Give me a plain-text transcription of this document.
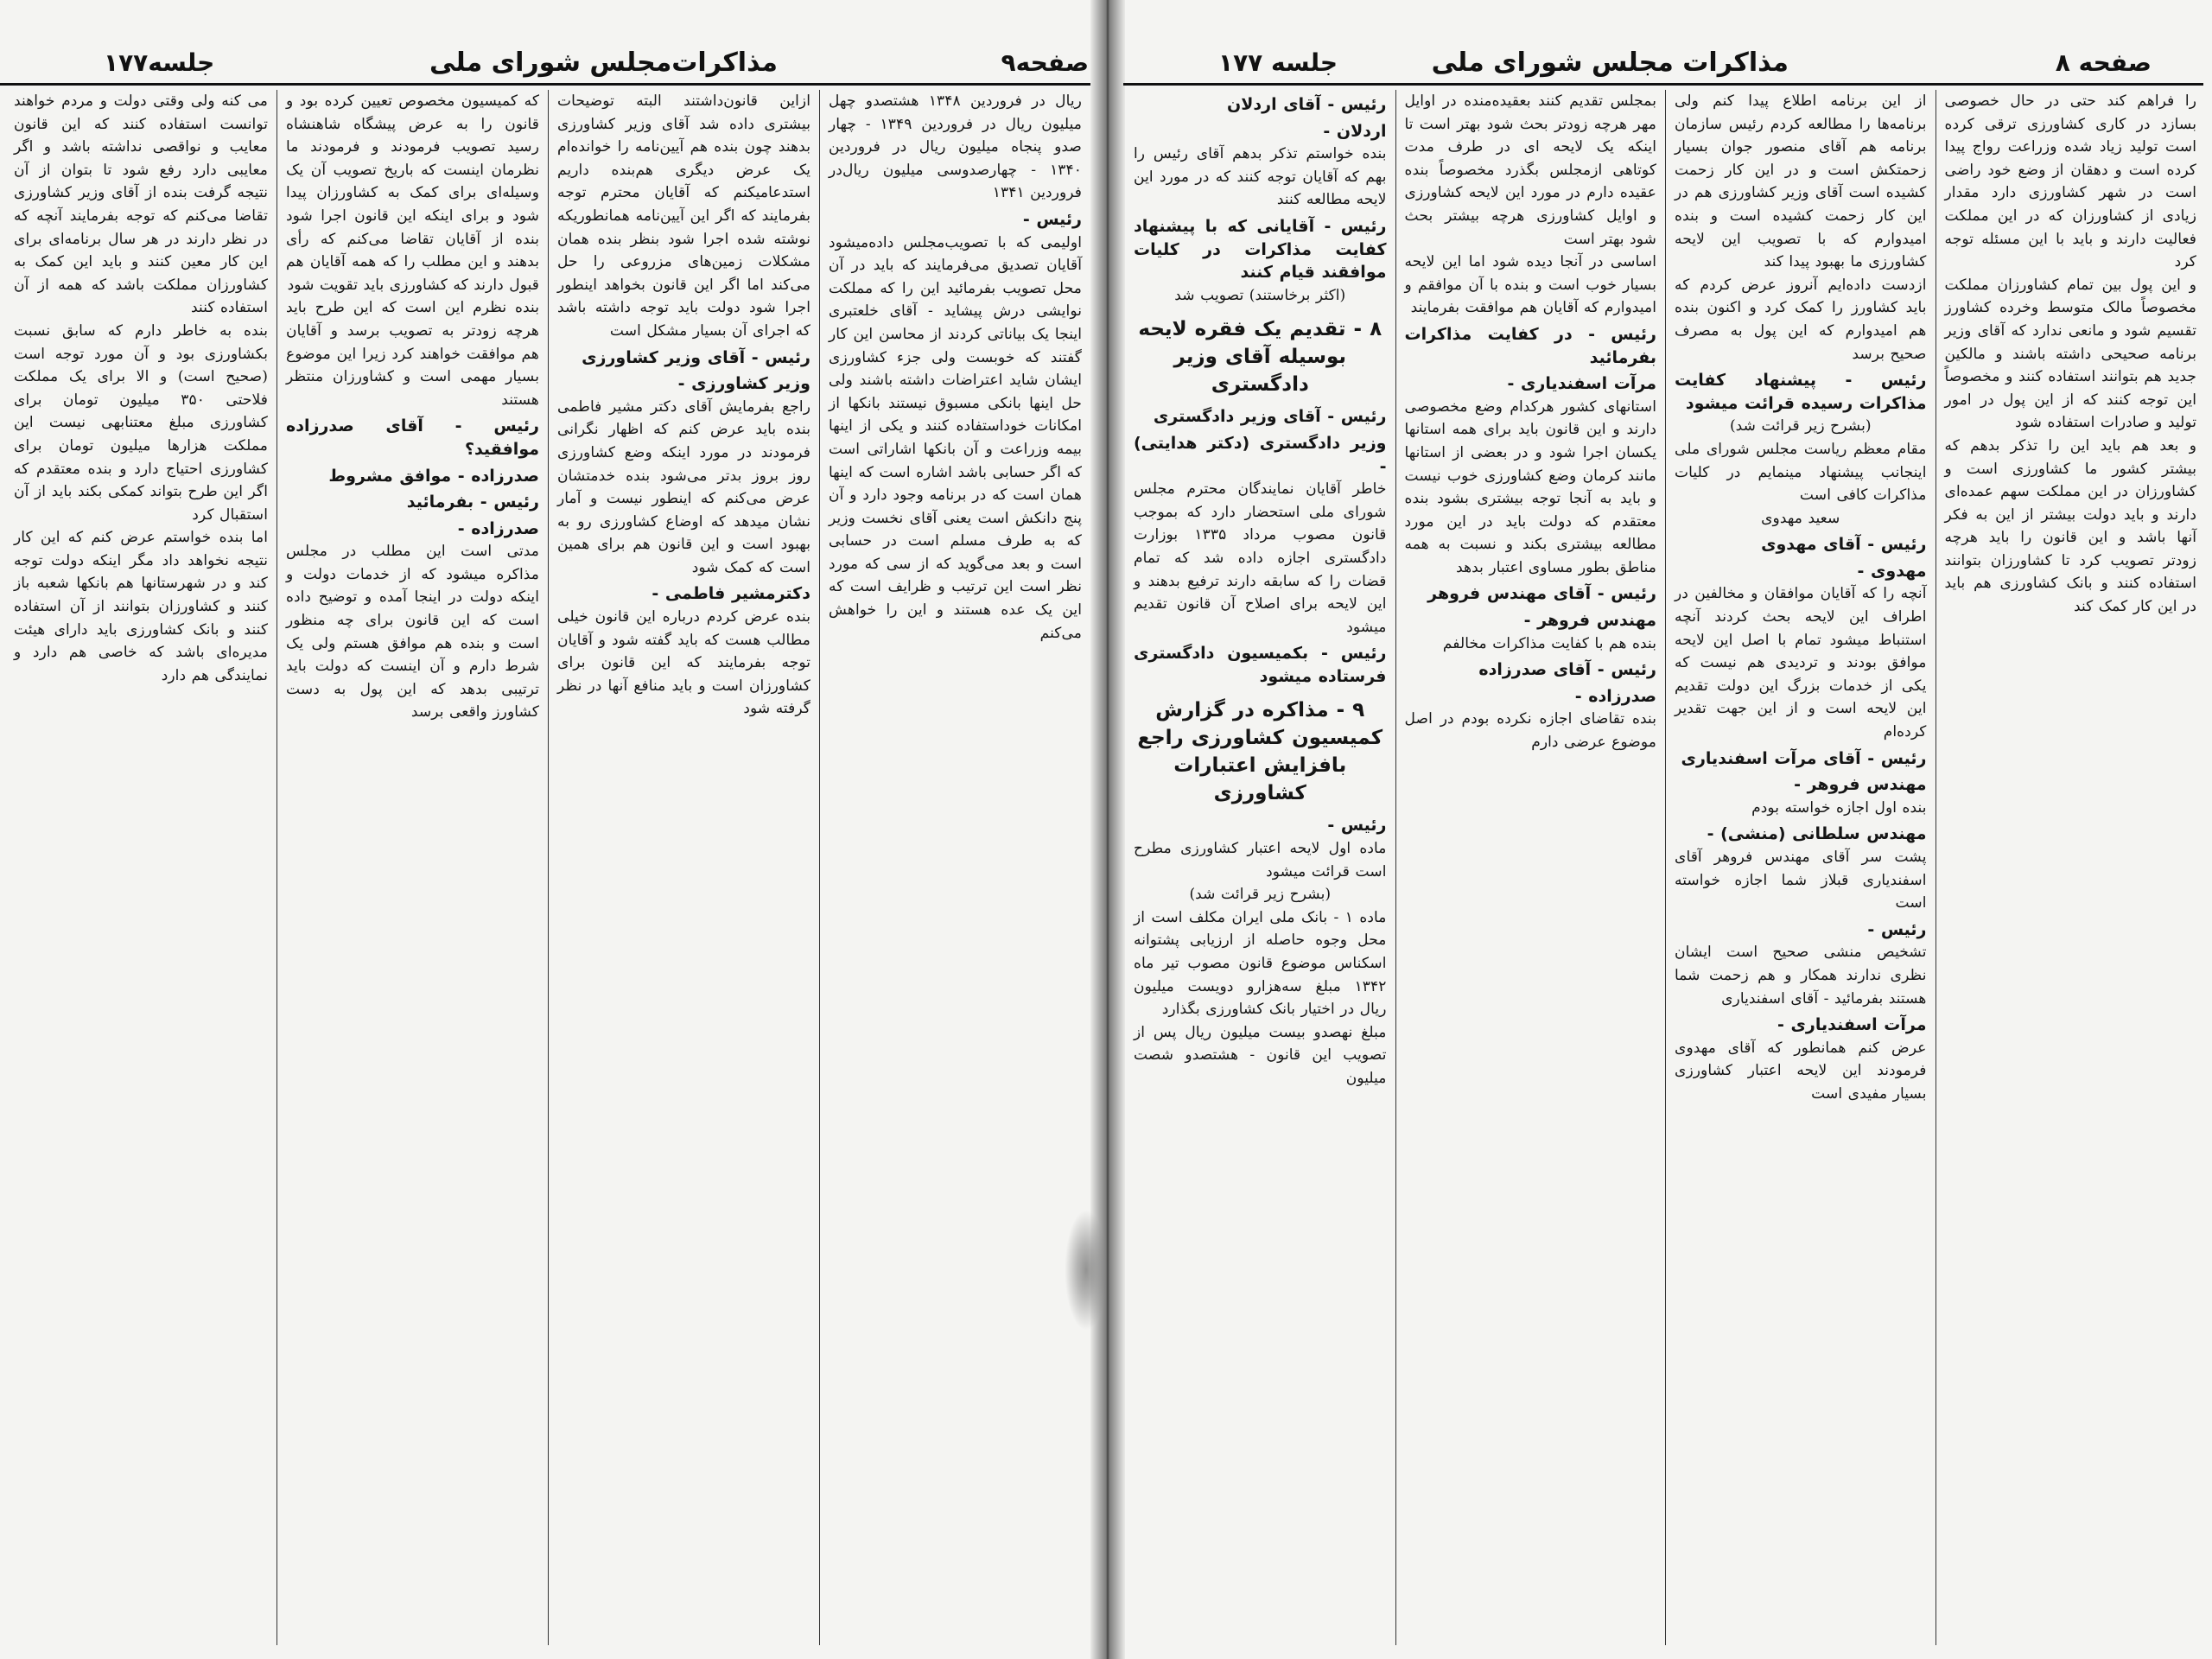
صفحه۹
مذاکرات‌مجلس شورای ملی
جلسه۱۷۷

ریال در فروردین ۱۳۴۸ هشتصدو چهل میلیون ریال در فروردین ۱۳۴۹ - چهار صدو پنجاه میلیون ریال در فروردین ۱۳۴۰ - چهارصدوسی میلیون ریال‌در فروردین ۱۳۴۱

رئیس -

اولیمی که با تصویب‌مجلس داده‌میشود آقایان تصدیق می‌فرمایند که باید در آن محل تصویب بفرمائید این را که مملکت نوایشی درش پیشاید - آقای خلعتبری اینجا یک بیاناتی کردند از محاسن این کار گفتند که خوبست ولی جزء کشاورزی ایشان شاید اعتراضات داشته باشند ولی حل اینها بانکی مسبوق نیستند بانکها از امکانات خود‌استفاده کنند و یکی از اینها بیمه وزراعت و آن بانکها اشاراتی است که اگر حسابی باشد اشاره است که اینها همان است که در برنامه وجود دارد و آن پنج دانکش است یعنی آقای نخست وزیر که به طرف مسلم است در حسابی است و بعد می‌گوید که از سی که مورد نظر است این ترتیب و ظرایف است که این یک عده هستند و این را خواهش می‌کنم

ازاین قانون‌داشتند البته توضیحات بیشتری داده شد آقای وزیر کشاورزی بدهند چون بنده هم آیین‌نامه را خوانده‌ام یک عرض دیگری هم‌بنده داریم استدعامیکنم که آقایان محترم توجه بفرمایند که اگر این آیین‌نامه همانطوریکه نوشته شده اجرا شود بنظر بنده همان مشکلات زمین‌های مزروعی را حل می‌کند اما اگر این قانون بخواهد اینطور اجرا شود دولت باید توجه داشته باشد که اجرای آن بسیار مشکل است

رئیس - آقای وزیر کشاورزی
وزیر کشاورزی -

راجع بفرمایش آقای دکتر مشیر فاطمی بنده باید عرض کنم که اظهار نگرانی فرمودند در مورد اینکه وضع کشاورزی روز بروز بدتر می‌شود بنده خدمتشان عرض می‌کنم که اینطور نیست و آمار نشان میدهد که اوضاع کشاورزی رو به بهبود است و این قانون هم برای همین است که کمک شود

دکترمشیر فاطمی -

بنده عرض کردم درباره این قانون خیلی مطالب هست که باید گفته شود و آقایان توجه بفرمایند که این قانون برای کشاورزان است و باید منافع آنها در نظر گرفته شود

که کمیسیون مخصوص تعیین کرده بود و قانون را به عرض پیشگاه شاهنشاه رسید تصویب فرمودند و فرمودند ما نظرمان اینست که باریخ تصویب آن یک وسیله‌ای برای کمک به کشاورزان پیدا شود و برای اینکه این قانون اجرا شود بنده از آقایان تقاضا می‌کنم که رأی بدهند و این مطلب را که همه آقایان هم قبول دارند که کشاورزی باید تقویت شود

بنده نظرم این است که این طرح باید هرچه زودتر به تصویب برسد و آقایان هم موافقت خواهند کرد زیرا این موضوع بسیار مهمی است و کشاورزان منتظر هستند

رئیس - آقای صدرزاده موافقید؟
صدرزاده - موافق مشروط
رئیس - بفرمائید
صدرزاده -

مدتی است این مطلب در مجلس مذاکره میشود که از خدمات دولت و اینکه دولت در اینجا آمده و توضیح داده است که این قانون برای چه منظور است و بنده هم موافق هستم ولی یک شرط دارم و آن اینست که دولت باید ترتیبی بدهد که این پول به دست کشاورز واقعی برسد

می کنه ولی وقتی دولت و مردم خواهند توانست استفاده کنند که این قانون معایب و نواقصی نداشته باشد و اگر معایبی دارد رفع شود تا بتوان از آن نتیجه گرفت بنده از آقای وزیر کشاورزی تقاضا می‌کنم که توجه بفرمایند آنچه که در نظر دارند در هر سال برنامه‌ای برای این کار معین کنند و باید این کمک به کشاورزان مملکت باشد که همه از آن استفاده کنند

بنده به خاطر دارم که سابق نسبت بکشاورزی بود و آن مورد توجه است (صحیح است) و الا برای یک مملکت فلاحتی ۳۵۰ میلیون تومان برای کشاورزی مبلغ معتنابهی نیست این مملکت هزارها میلیون تومان برای کشاورزی احتیاج دارد و بنده معتقدم که اگر این طرح بتواند کمکی بکند باید از آن استقبال کرد

اما بنده خواستم عرض کنم که این کار نتیجه نخواهد داد مگر اینکه دولت توجه کند و در شهرستانها هم بانکها شعبه باز کنند و کشاورزان بتوانند از آن استفاده کنند و بانک کشاورزی باید دارای هیئت مدیره‌ای باشد که خاصی هم دارد و نمایندگی هم دارد

صفحه ۸
مذاکرات مجلس شورای ملی
جلسه ۱۷۷

را فراهم کند حتی در حال خصوصی بسازد در کاری کشاورزی ترقی کرده است تولید زیاد شده وزراعت رواج پیدا کرده است و دهقان از وضع خود راضی است در شهر کشاورزی دارد مقدار زیادی از کشاورزان که در این مملکت فعالیت دارند و باید با این مسئله توجه کرد

و این پول بین تمام کشاورزان مملکت مخصوصاً مالک متوسط وخرده کشاورز تقسیم شود و مانعی ندارد که آقای وزیر برنامه صحیحی داشته باشند و مالکین جدید هم بتوانند استفاده کنند و مخصوصاً این توجه کنند که از این پول در امور تولید و صادرات استفاده شود

و بعد هم باید این را تذکر بدهم که بیشتر کشور ما کشاورزی است و کشاورزان در این مملکت سهم عمده‌ای دارند و باید دولت بیشتر از این به فکر آنها باشد و این قانون را باید هرچه زودتر تصویب کرد تا کشاورزان بتوانند استفاده کنند و بانک کشاورزی هم باید در این کار کمک کند

از این برنامه اطلاع پیدا کنم ولی برنامه‌ها را مطالعه کردم رئیس سازمان برنامه هم آقای منصور جوان بسیار زحمتکش است و در این کار زحمت کشیده است آقای وزیر کشاورزی هم در این کار زحمت کشیده است و بنده امیدوارم که با تصویب این لایحه کشاورزی ما بهبود پیدا کند

ازدست داده‌ایم آنروز عرض کردم که باید کشاورز را کمک کرد و اکنون بنده هم امیدوارم که این پول به مصرف صحیح برسد

رئیس - پیشنهاد کفایت مذاکرات رسیده قرائت میشود
(بشرح زیر قرائت شد)

مقام معظم ریاست مجلس شورای ملی اینجانب پیشنهاد مینمایم در کلیات مذاکرات کافی است

سعید مهدوی
رئیس - آقای مهدوی
مهدوی -

آنچه را که آقایان موافقان و مخالفین در اطراف این لایحه بحث کردند آنچه استنباط میشود تمام با اصل این لایحه موافق بودند و تردیدی هم نیست که یکی از خدمات بزرگ این دولت تقدیم این لایحه است و از این جهت تقدیر کرده‌ام

رئیس - آقای مرآت اسفندیاری
مهندس فروهر -

بنده اول اجازه خواسته بودم

مهندس سلطانی (منشی) -

پشت سر آقای مهندس فروهر آقای اسفندیاری قبلاز شما اجازه خواسته است

رئیس -

تشخیص منشی صحیح است ایشان نظری ندارند همکار و هم زحمت شما هستند بفرمائید - آقای اسفندیاری

مرآت اسفندیاری -

عرض کنم همانطور که آقای مهدوی فرمودند این لایحه اعتبار کشاورزی بسیار مفیدی است

بمجلس تقدیم کنند بعقیده‌منده در اوایل مهر هرچه زودتر بحث شود بهتر است تا اینکه یک لایحه ای در طرف مدت کوتاهی ازمجلس بگذرد مخصوصاً بنده عقیده دارم در مورد این لایحه کشاورزی و اوایل کشاورزی هرچه بیشتر بحث شود بهتر است

اساسی در آنجا دیده شود اما این لایحه بسیار خوب است و بنده با آن موافقم و امیدوارم که آقایان هم موافقت بفرمایند

رئیس - در کفایت مذاکرات بفرمائید
مرآت اسفندیاری -

استانهای کشور هرکدام وضع مخصوصی دارند و این قانون باید برای همه استانها یکسان اجرا شود و در بعضی از استانها مانند کرمان وضع کشاورزی خوب نیست و باید به آنجا توجه بیشتری بشود بنده معتقدم که دولت باید در این مورد مطالعه بیشتری بکند و نسبت به همه مناطق بطور مساوی اعتبار بدهد

رئیس - آقای مهندس فروهر
مهندس فروهر -

بنده هم با کفایت مذاکرات مخالفم

رئیس - آقای صدرزاده
صدرزاده -

بنده تقاضای اجازه نکرده بودم در اصل موضوع عرضی دارم

رئیس - آقای اردلان
اردلان -

بنده خواستم تذکر بدهم آقای رئیس را بهم که آقایان توجه کنند که در مورد این لایحه مطالعه کنند

رئیس - آقایانی که با پیشنهاد کفایت مذاکرات در کلیات موافقند قیام کنند
(اکثر برخاستند) تصویب شد
۸ - تقدیم یک فقره لایحه بوسیله آقای وزیر دادگستری
رئیس - آقای وزیر دادگستری
وزیر دادگستری (دکتر هدایتی) -

خاطر آقایان نمایندگان محترم مجلس شورای ملی استحضار دارد که بموجب قانون مصوب مرداد ۱۳۳۵ بوزارت دادگستری اجازه داده شد که تمام قضات را که سابقه دارند ترفیع بدهند و این لایحه برای اصلاح آن قانون تقدیم میشود

رئیس - بکمیسیون دادگستری فرستاده میشود
۹ - مذاکره در گزارش کمیسیون کشاورزی راجع بافزایش اعتبارات کشاورزی
رئیس -

ماده اول لایحه اعتبار کشاورزی مطرح است قرائت میشود

(بشرح زیر قرائت شد)

ماده ۱ - بانک ملی ایران مکلف است از محل وجوه حاصله از ارزیابی پشتوانه اسکناس موضوع قانون مصوب تیر ماه ۱۳۴۲ مبلغ سه‌هزارو دویست میلیون ریال در اختیار بانک کشاورزی بگذارد

مبلغ نهصدو بیست میلیون ریال پس از تصویب این قانون - هشتصدو شصت میلیون
